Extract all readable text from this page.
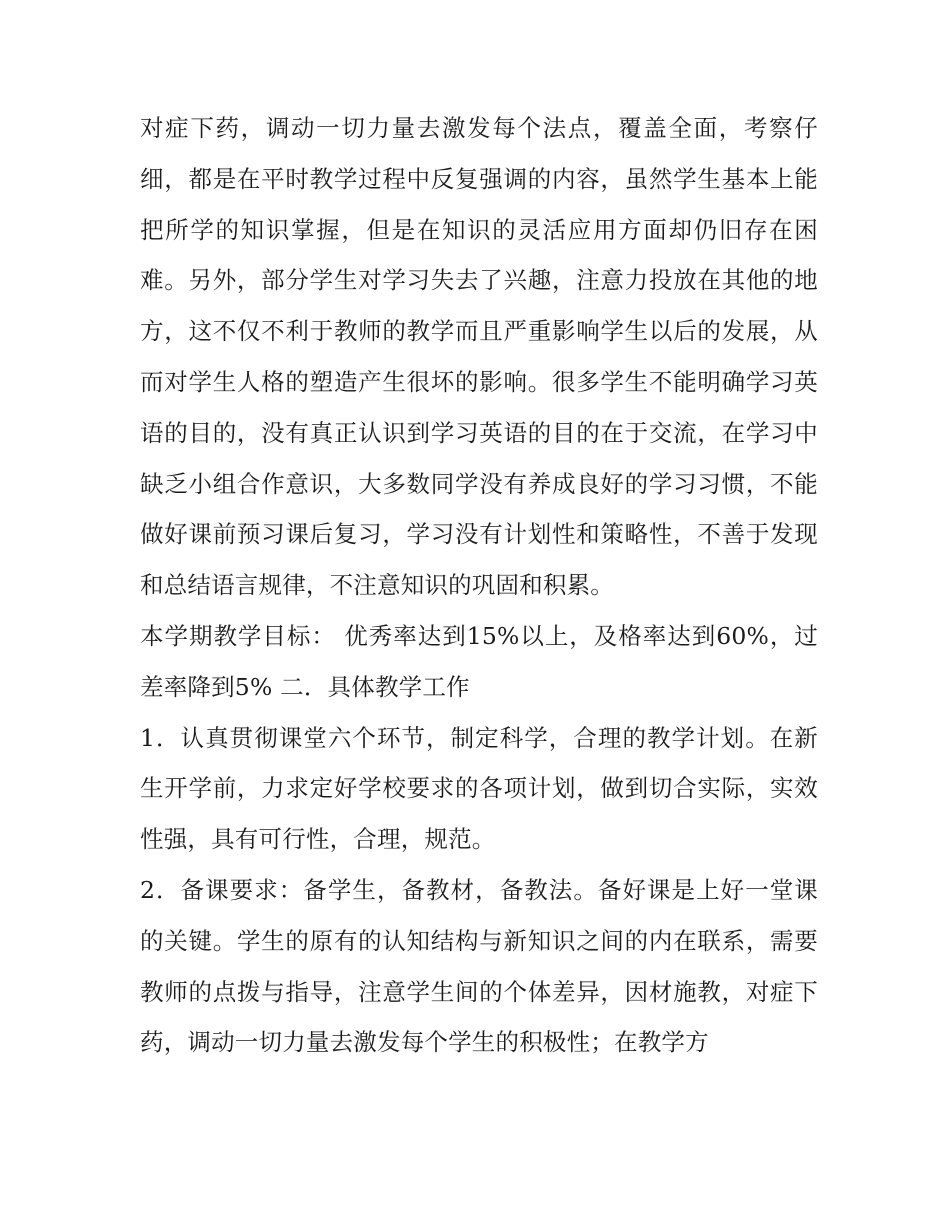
对症下药，调动一切力量去激发每个法点，覆盖全面，考察仔细，都是在平时教学过程中反复强调的内容，虽然学生基本上能把所学的知识掌握，但是在知识的灵活应用方面却仍旧存在困难。另外，部分学生对学习失去了兴趣，注意力投放在其他的地方，这不仅不利于教师的教学而且严重影响学生以后的发展，从而对学生人格的塑造产生很坏的影响。很多学生不能明确学习英语的目的，没有真正认识到学习英语的目的在于交流，在学习中缺乏小组合作意识，大多数同学没有养成良好的学习习惯，不能做好课前预习课后复习，学习没有计划性和策略性，不善于发现和总结语言规律，不注意知识的巩固和积累。

本学期教学目标： 优秀率达到15%以上，及格率达到60%，过差率降到5% 二．具体教学工作

1．认真贯彻课堂六个环节，制定科学，合理的教学计划。在新生开学前，力求定好学校要求的各项计划，做到切合实际，实效性强，具有可行性，合理，规范。

2．备课要求：备学生，备教材，备教法。备好课是上好一堂课的关键。学生的原有的认知结构与新知识之间的内在联系，需要教师的点拨与指导，注意学生间的个体差异，因材施教，对症下药，调动一切力量去激发每个学生的积极性；在教学方
